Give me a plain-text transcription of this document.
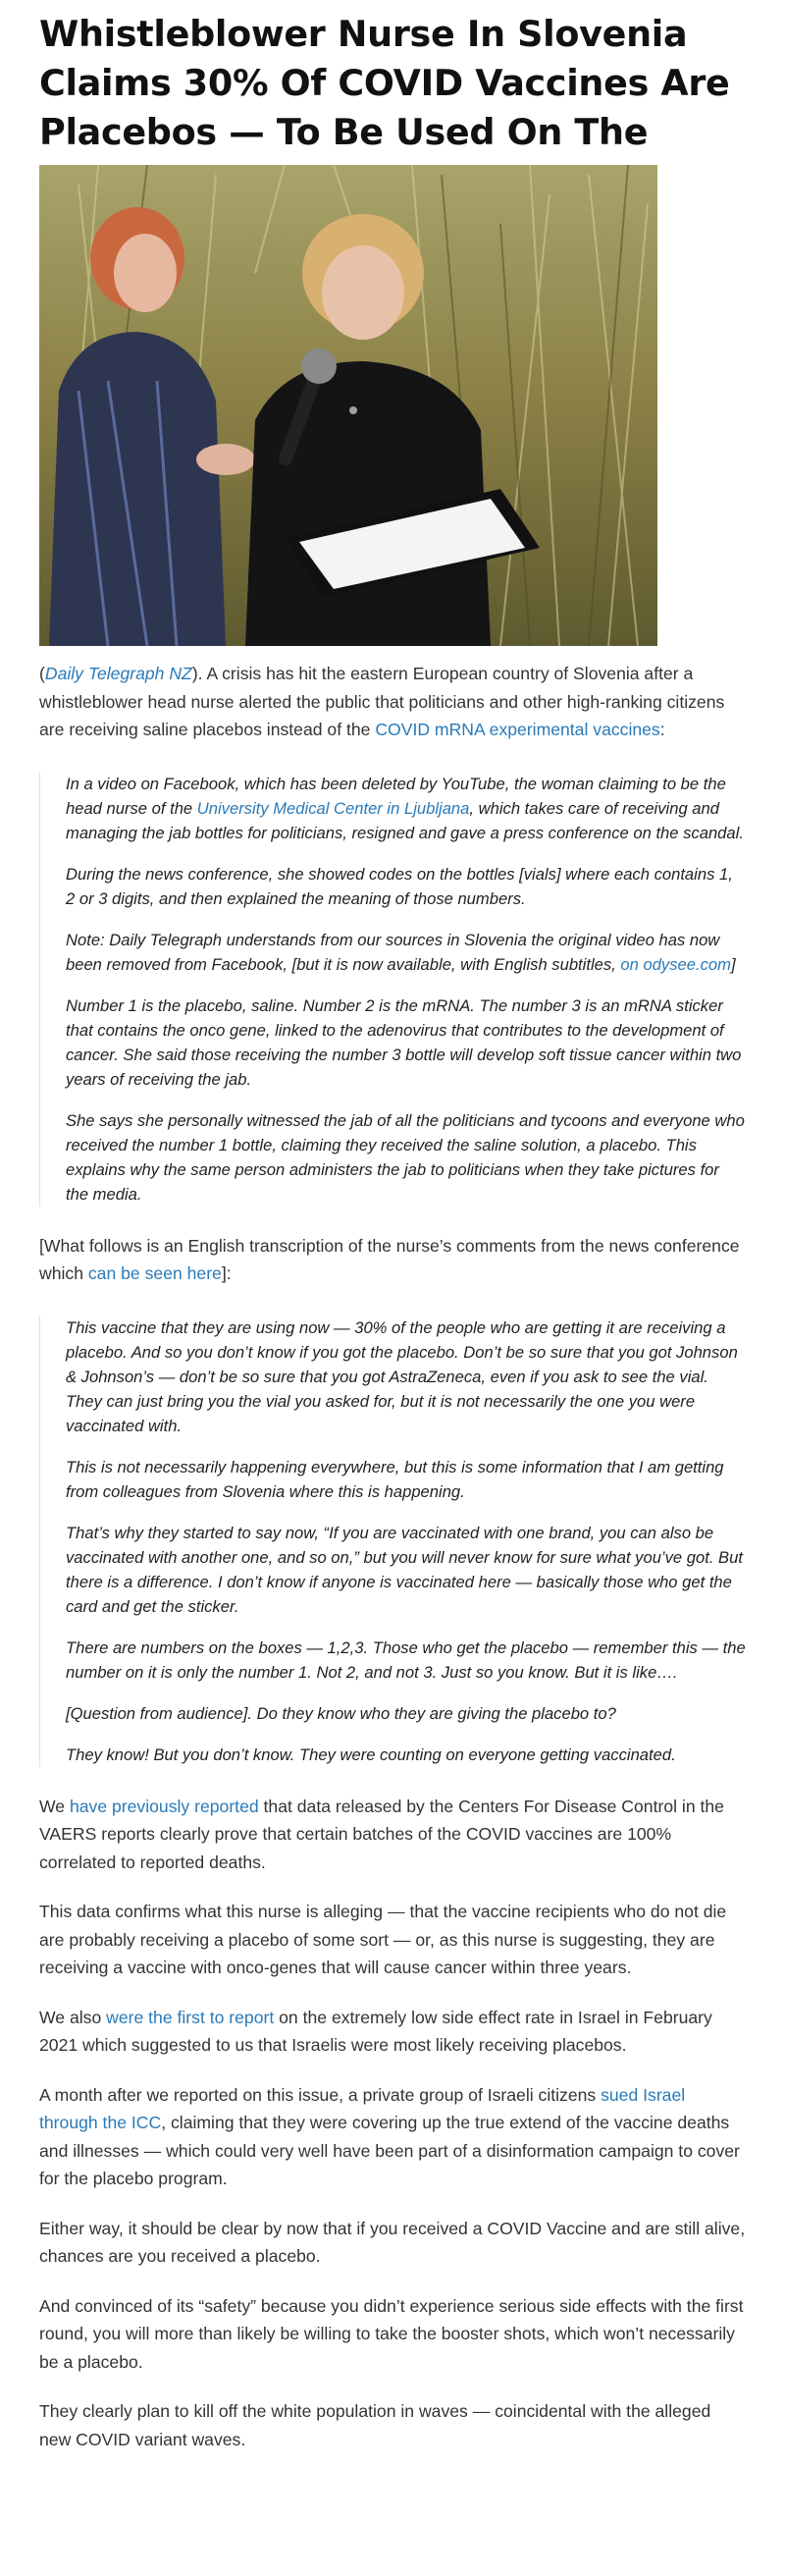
Whistleblower Nurse In Slovenia
Claims 30% Of COVID Vaccines Are
Placebos — To Be Used On The

(Daily Telegraph NZ). A crisis has hit the eastern European country of Slovenia after a whistleblower head nurse alerted the public that politicians and other high-ranking citizens are receiving saline placebos instead of the COVID mRNA experimental vaccines:

In a video on Facebook, which has been deleted by YouTube, the woman claiming to be the head nurse of the University Medical Center in Ljubljana, which takes care of receiving and managing the jab bottles for politicians, resigned and gave a press conference on the scandal.

During the news conference, she showed codes on the bottles [vials] where each contains 1, 2 or 3 digits, and then explained the meaning of those numbers.

Note: Daily Telegraph understands from our sources in Slovenia the original video has now been removed from Facebook, [but it is now available, with English subtitles, on odysee.com]

Number 1 is the placebo, saline. Number 2 is the mRNA. The number 3 is an mRNA sticker that contains the onco gene, linked to the adenovirus that contributes to the development of cancer. She said those receiving the number 3 bottle will develop soft tissue cancer within two years of receiving the jab.

She says she personally witnessed the jab of all the politicians and tycoons and everyone who received the number 1 bottle, claiming they received the saline solution, a placebo. This explains why the same person administers the jab to politicians when they take pictures for the media.

[What follows is an English transcription of the nurse’s comments from the news conference which can be seen here]:

This vaccine that they are using now — 30% of the people who are getting it are receiving a placebo. And so you don’t know if you got the placebo. Don’t be so sure that you got Johnson & Johnson’s — don’t be so sure that you got AstraZeneca, even if you ask to see the vial. They can just bring you the vial you asked for, but it is not necessarily the one you were vaccinated with.

This is not necessarily happening everywhere, but this is some information that I am getting from colleagues from Slovenia where this is happening.

That’s why they started to say now, “If you are vaccinated with one brand, you can also be vaccinated with another one, and so on,” but you will never know for sure what you’ve got. But there is a difference. I don’t know if anyone is vaccinated here — basically those who get the card and get the sticker.

There are numbers on the boxes — 1,2,3. Those who get the placebo — remember this — the number on it is only the number 1. Not 2, and not 3. Just so you know. But it is like….

[Question from audience]. Do they know who they are giving the placebo to?

They know! But you don’t know. They were counting on everyone getting vaccinated.

We have previously reported that data released by the Centers For Disease Control in the VAERS reports clearly prove that certain batches of the COVID vaccines are 100% correlated to reported deaths.

This data confirms what this nurse is alleging — that the vaccine recipients who do not die are probably receiving a placebo of some sort — or, as this nurse is suggesting, they are receiving a vaccine with onco-genes that will cause cancer within three years.

We also were the first to report on the extremely low side effect rate in Israel in February 2021 which suggested to us that Israelis were most likely receiving placebos.

A month after we reported on this issue, a private group of Israeli citizens sued Israel through the ICC, claiming that they were covering up the true extend of the vaccine deaths and illnesses — which could very well have been part of a disinformation campaign to cover for the placebo program.

Either way, it should be clear by now that if you received a COVID Vaccine and are still alive, chances are you received a placebo.

And convinced of its “safety” because you didn’t experience serious side effects with the first round, you will more than likely be willing to take the booster shots, which won’t necessarily be a placebo.

They clearly plan to kill off the white population in waves — coincidental with the alleged new COVID variant waves.
